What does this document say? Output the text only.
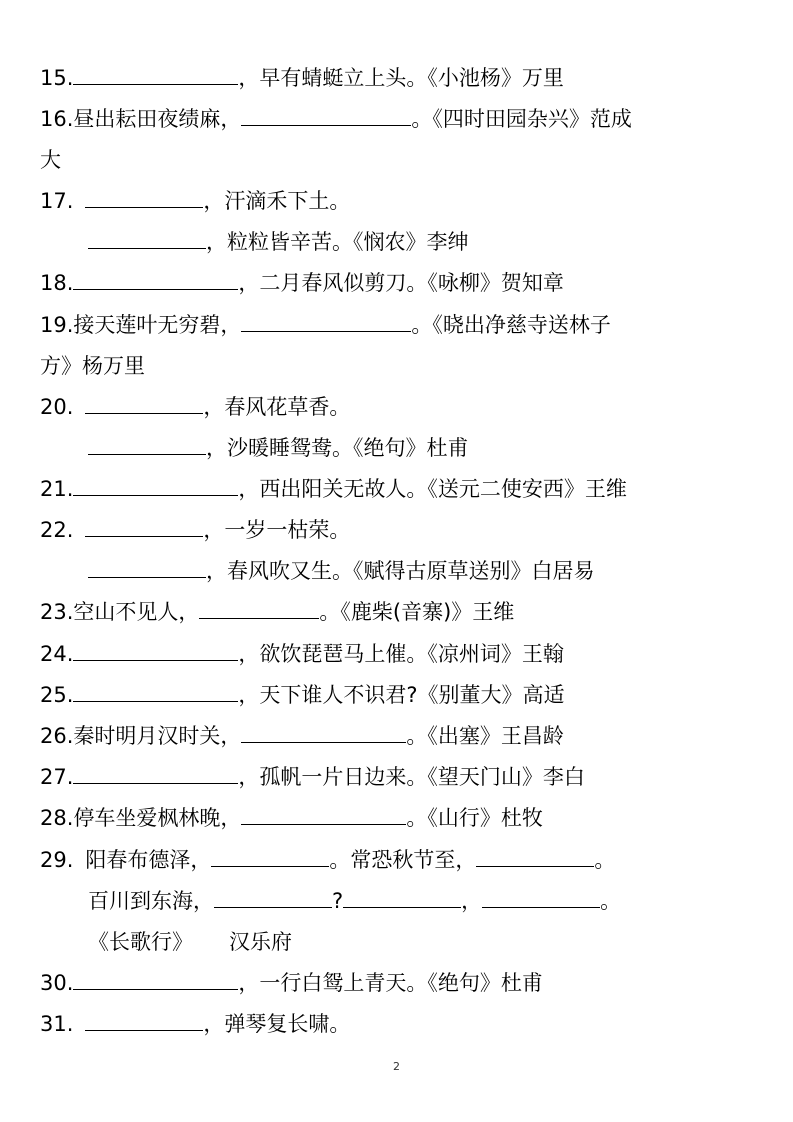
15.	，早有蜻蜓立上头。《小池杨》万里
16.昼出耘田夜绩麻，	。《四时田园杂兴》范成
大
17.	，汗滴禾下土。
，粒粒皆辛苦。《悯农》李绅
18.	，二月春风似剪刀。《咏柳》贺知章
19.接天莲叶无穷碧，	。《晓出净慈寺送林子
方》杨万里
20.	，春风花草香。
，沙暖睡鸳鸯。《绝句》杜甫
21.	，西出阳关无故人。《送元二使安西》王维
22.	，一岁一枯荣。
，春风吹又生。《赋得古原草送别》白居易
23.空山不见人，	。《鹿柴(音寨)》王维
24.	，欲饮琵琶马上催。《凉州词》王翰
25.	，天下谁人不识君?《别董大》高适
26.秦时明月汉时关，	。《出塞》王昌龄
27.	，孤帆一片日边来。《望天门山》李白
28.停车坐爱枫林晚，	。《山行》杜牧
29. 阳春布德泽，	。常恐秋节至，	。
百川到东海，	?	，	。
《长歌行》 汉乐府
30.	，一行白鸳上青天。《绝句》杜甫
31.	，弹琴复长啸。
2
